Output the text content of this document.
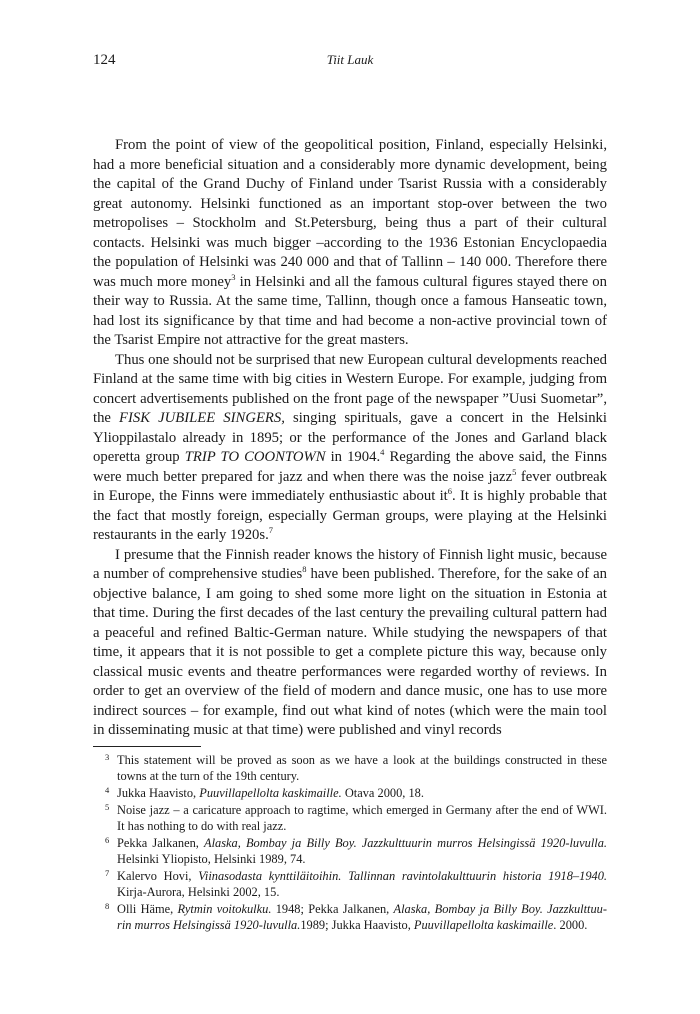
124	Tiit Lauk

From the point of view of the geopolitical position, Finland, especially Helsinki, had a more beneficial situation and a considerably more dynamic development, being the capital of the Grand Duchy of Finland under Tsarist Russia with a considerably great autonomy. Helsinki functioned as an important stop-over between the two metropolises – Stockholm and St.Petersburg, being thus a part of their cultural contacts. Helsinki was much bigger –according to the 1936 Estonian Encyclopaedia the population of Helsinki was 240 000 and that of Tallinn – 140 000. Therefore there was much more money$^3$ in Helsinki and all the famous cultural figures stayed there on their way to Russia. At the same time, Tallinn, though once a famous Hanseatic town, had lost its significance by that time and had become a non-active provincial town of the Tsarist Empire not attractive for the great masters.

Thus one should not be surprised that new European cultural developments reached Finland at the same time with big cities in Western Europe. For example, judging from concert advertisements published on the front page of the newspaper ”Uusi Suometar”, the FISK JUBILEE SINGERS, singing spirituals, gave a concert in the Helsinki Ylioppilastalo already in 1895; or the performance of the Jones and Garland black operetta group TRIP TO COONTOWN in 1904.$^4$ Regarding the above said, the Finns were much better prepared for jazz and when there was the noise jazz$^5$ fever outbreak in Europe, the Finns were immediately enthusiastic about $it^6$. It is highly probable that the fact that mostly foreign, especially German groups, were playing at the Helsinki restaurants in the early 1920s.$^7$

I presume that the Finnish reader knows the history of Finnish light music, because a number of comprehensive studies$^8$ have been published. Therefore, for the sake of an objective balance, I am going to shed some more light on the situation in Estonia at that time. During the first decades of the last century the prevailing cultural pattern had a peaceful and refined Baltic-German nature. While studying the newspapers of that time, it appears that it is not possible to get a complete picture this way, because only classical music events and theatre performances were regarded worthy of reviews. In order to get an overview of the field of modern and dance music, one has to use more indirect sources – for example, find out what kind of notes (which were the main tool in disseminating music at that time) were published and vinyl records

3 This statement will be proved as soon as we have a look at the buildings constructed in these towns at the turn of the 19th century.
4 Jukka Haavisto, Puuvillapellolta kaskimaille. Otava 2000, 18.
5 Noise jazz – a caricature approach to ragtime, which emerged in Germany after the end of WWI. It has nothing to do with real jazz.
6 Pekka Jalkanen, Alaska, Bombay ja Billy Boy. Jazzkulttuurin murros Helsingissä 1920-luvulla. Helsinki Yliopisto, Helsinki 1989, 74.
7 Kalervo Hovi, Viinasodasta kynttiläitoihin. Tallinnan ravintolakulttuurin historia 1918–1940. Kirja-Aurora, Helsinki 2002, 15.
8 Olli Häme, Rytmin voitokulku. 1948; Pekka Jalkanen, Alaska, Bombay ja Billy Boy. Jazzkulttuu-rin murros Helsingissä 1920-luvulla.1989; Jukka Haavisto, Puuvillapellolta kaskimaille. 2000.
